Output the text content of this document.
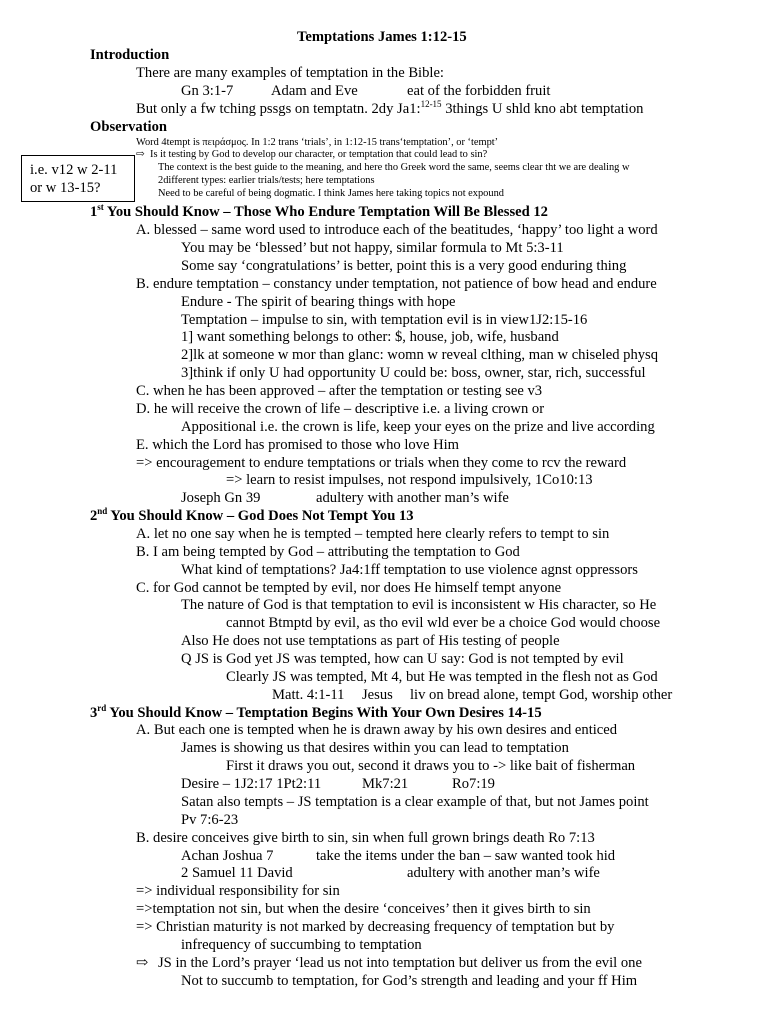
Temptations James 1:12-15
Introduction
There are many examples of temptation in the Bible:
Gn 3:1-7	Adam and Eve	eat of the forbidden fruit
But only a fw tching pssgs on temptatn. 2dy Ja1:$^{12-15}$ 3things U shld kno abt temptation
Observation
Word 4tempt is πειράσμος. In 1:2 trans ‘trials’, in 1:12-15 trans‘temptation’, or ‘tempt’
⇨ Is it testing by God to develop our character, or temptation that could lead to sin?
The context is the best guide to the meaning, and here tho Greek word the same, seems clear tht we are dealing w
2different types: earlier trials/tests; here temptations
Need to be careful of being dogmatic. I think James here taking topics not expound
i.e. v12 w 2-11
or w 13-15?
1st You Should Know – Those Who Endure Temptation Will Be Blessed 12
A. blessed – same word used to introduce each of the beatitudes, ‘happy’ too light a word
You may be ‘blessed’ but not happy, similar formula to Mt 5:3-11
Some say ‘congratulations’ is better, point this is a very good enduring thing
B. endure temptation – constancy under temptation, not patience of bow head and endure
Endure - The spirit of bearing things with hope
Temptation – impulse to sin, with temptation evil is in view1J2:15-16
1] want something belongs to other: $, house, job, wife, husband
2]lk at someone w mor than glanc: womn w reveal clthing, man w chiseled physq
3]think if only U had opportunity U could be: boss, owner, star, rich, successful
C. when he has been approved – after the temptation or testing see v3
D. he will receive the crown of life – descriptive i.e. a living crown or
Appositional i.e. the crown is life, keep your eyes on the prize and live according
E. which the Lord has promised to those who love Him
=> encouragement to endure temptations or trials when they come to rcv the reward
=> learn to resist impulses, not respond impulsively, 1Co10:13
Joseph Gn 39	adultery with another man’s wife
2nd You Should Know – God Does Not Tempt You 13
A. let no one say when he is tempted – tempted here clearly refers to tempt to sin
B. I am being tempted by God – attributing the temptation to God
What kind of temptations? Ja4:1ff temptation to use violence agnst oppressors
C. for God cannot be tempted by evil, nor does He himself tempt anyone
The nature of God is that temptation to evil is inconsistent w His character, so He
cannot Btmptd by evil, as tho evil wld ever be a choice God would choose
Also He does not use temptations as part of His testing of people
Q JS is God yet JS was tempted, how can U say: God is not tempted by evil
Clearly JS was tempted, Mt 4, but He was tempted in the flesh not as God
Matt. 4:1-11 Jesus liv on bread alone, tempt God, worship other
3rd You Should Know – Temptation Begins With Your Own Desires 14-15
A. But each one is tempted when he is drawn away by his own desires and enticed
James is showing us that desires within you can lead to temptation
First it draws you out, second it draws you to -> like bait of fisherman
Desire – 1J2:17 1Pt2:11	Mk7:21	Ro7:19
Satan also tempts – JS temptation is a clear example of that, but not James point
Pv 7:6-23
B. desire conceives give birth to sin, sin when full grown brings death Ro 7:13
Achan Joshua 7	take the items under the ban – saw wanted took hid
2 Samuel 11 David	adultery with another man’s wife
=> individual responsibility for sin
=>temptation not sin, but when the desire ‘conceives’ then it gives birth to sin
=> Christian maturity is not marked by decreasing frequency of temptation but by
infrequency of succumbing to temptation
⇨ JS in the Lord’s prayer ‘lead us not into temptation but deliver us from the evil one
Not to succumb to temptation, for God’s strength and leading and your ff Him
